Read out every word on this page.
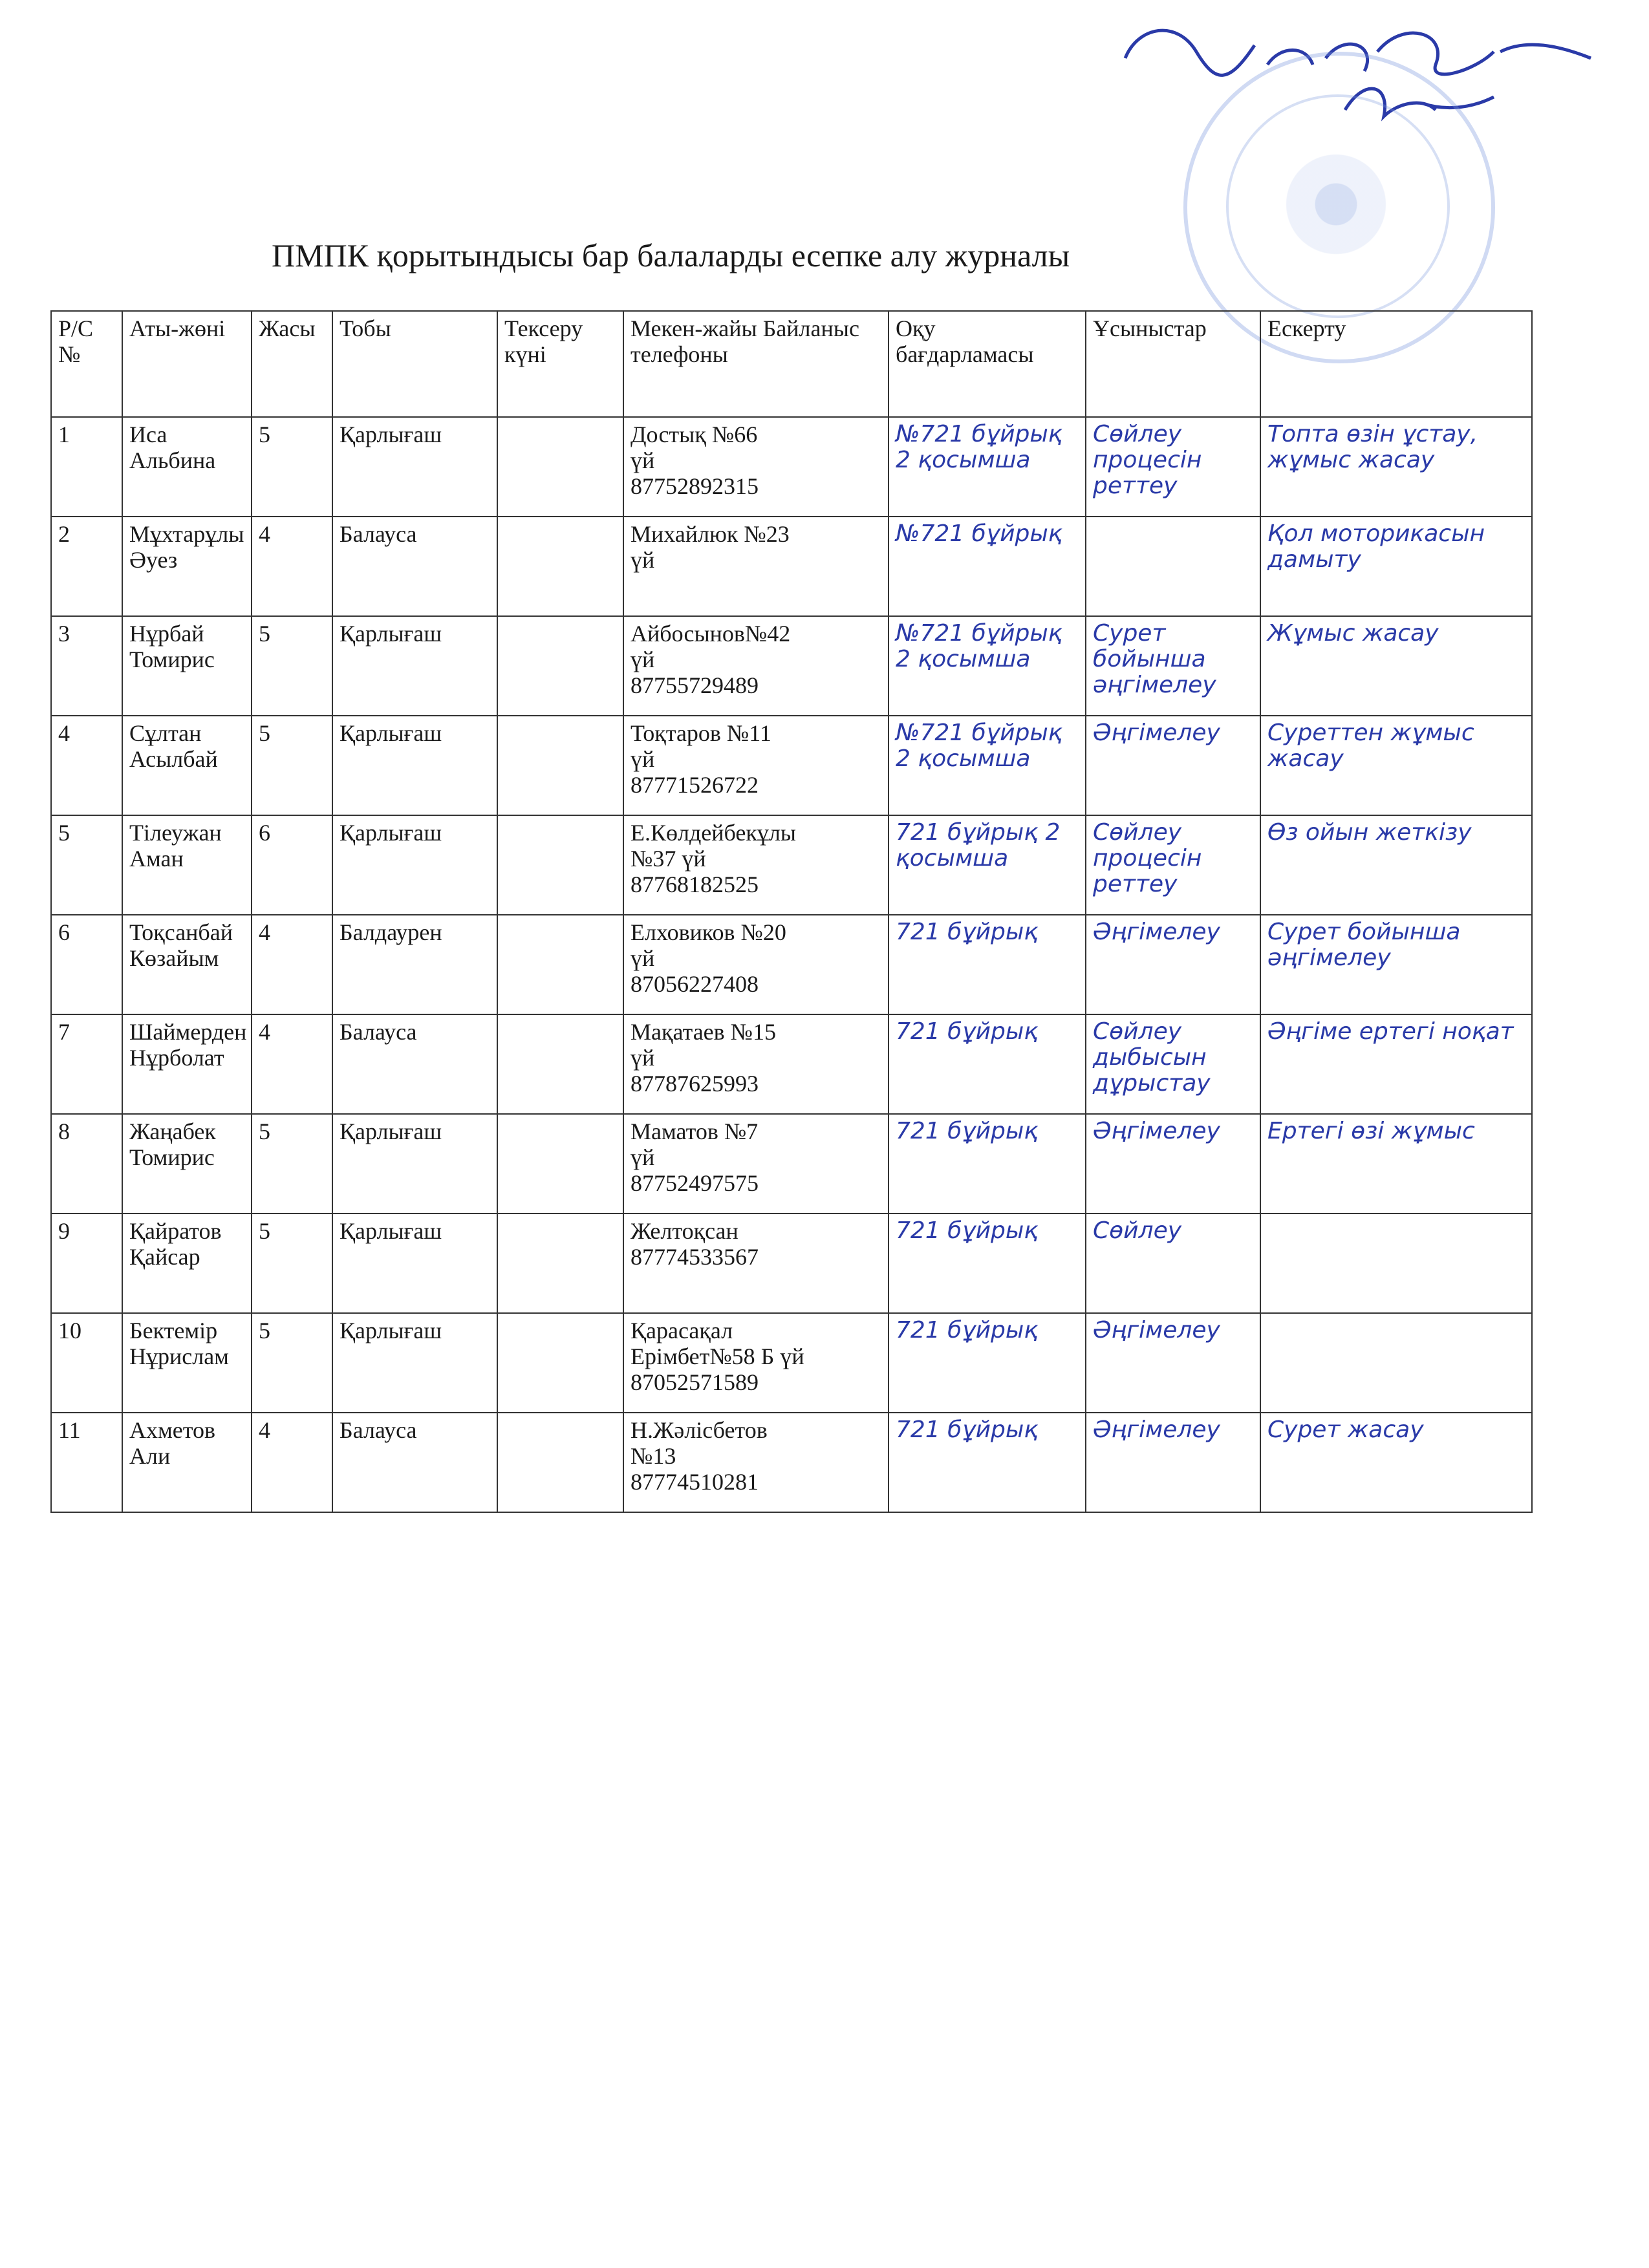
ПМПК қорытындысы бар балаларды есепке алу журналы
Р/С №	Аты-жөні	Жасы	Тобы	Тексеру күні	Мекен-жайы Байланыс телефоны	Оқу бағдарламасы	Ұсыныстар	Ескерту
1	Иса Альбина	5	Қарлығаш		Достық №66
үй
87752892315	№721 бұйрық 2 қосымша	Сөйлеу процесін реттеу	Топта өзін ұстау, жұмыс жасау
2	Мұхтарұлы Әуез	4	Балауса		Михайлюк №23
үй	№721 бұйрық		Қол моторикасын дамыту
3	Нұрбай Томирис	5	Қарлығаш		Айбосынов№42
үй
87755729489	№721 бұйрық 2 қосымша	Сурет бойынша әңгімелеу	Жұмыс жасау
4	Сұлтан Асылбай	5	Қарлығаш		Тоқтаров №11
үй
87771526722	№721 бұйрық 2 қосымша	Әңгімелеу	Суреттен жұмыс жасау
5	Тілеужан Аман	6	Қарлығаш		Е.Көлдейбекұлы
№37 үй
87768182525	721 бұйрық 2 қосымша	Сөйлеу процесін реттеу	Өз ойын жеткізу
6	Тоқсанбай Көзайым	4	Балдаурен		Елховиков №20
үй
87056227408	721 бұйрық	Әңгімелеу	Сурет бойынша әңгімелеу
7	Шаймерден Нұрболат	4	Балауса		Мақатаев №15
үй
87787625993	721 бұйрық	Сөйлеу дыбысын дұрыстау	Әңгіме ертегі ноқат
8	Жаңабек Томирис	5	Қарлығаш		Маматов №7
үй
87752497575	721 бұйрық	Әңгімелеу	Ертегі өзі жұмыс
9	Қайратов Қайсар	5	Қарлығаш		Желтоқсан
87774533567	721 бұйрық	Сөйлеу	
10	Бектемір Нұрислам	5	Қарлығаш		Қарасақал
Ерімбет№58 Б үй
87052571589	721 бұйрық	Әңгімелеу	
11	Ахметов Али	4	Балауса		Н.Жәлісбетов
№13
87774510281	721 бұйрық	Әңгімелеу	Сурет жасау
